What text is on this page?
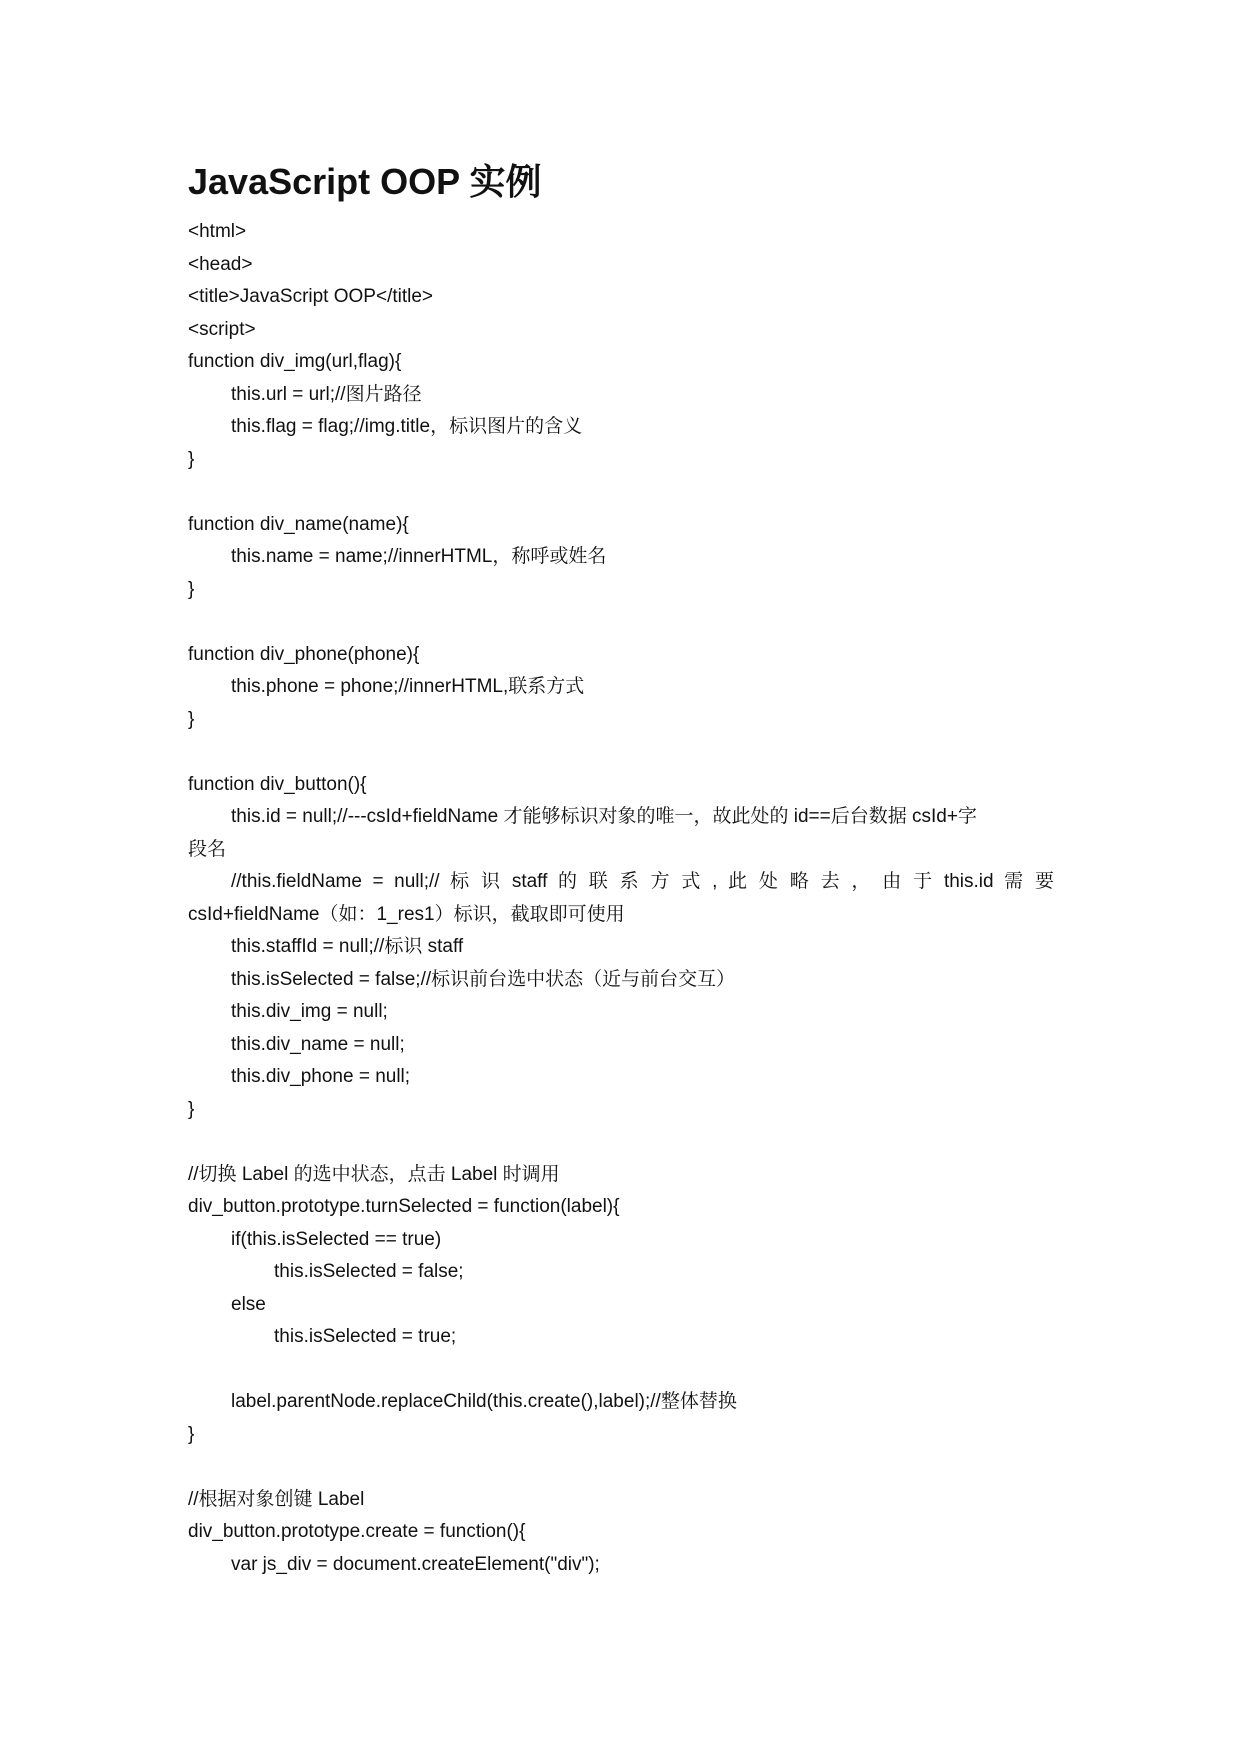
JavaScript OOP 实例
<html>
<head>
<title>JavaScript OOP</title>
<script>
function div_img(url,flag){
this.url = url;//图片路径
this.flag = flag;//img.title，标识图片的含义
}

function div_name(name){
this.name = name;//innerHTML，称呼或姓名
}

function div_phone(phone){
this.phone = phone;//innerHTML,联系方式
}

function div_button(){
this.id = null;//---csId+fieldName 才能够标识对象的唯一，故此处的 id==后台数据 csId+字
段名
//this.fieldName = null;// 标 识 staff 的 联 系 方 式 , 此 处 略 去 ， 由 于 this.id 需 要
csId+fieldName（如：1_res1）标识，截取即可使用
this.staffId = null;//标识 staff
this.isSelected = false;//标识前台选中状态（近与前台交互）
this.div_img = null;
this.div_name = null;
this.div_phone = null;
}

//切换 Label 的选中状态，点击 Label 时调用
div_button.prototype.turnSelected = function(label){
if(this.isSelected == true)
this.isSelected = false;
else
this.isSelected = true;

label.parentNode.replaceChild(this.create(),label);//整体替换
}

//根据对象创键 Label
div_button.prototype.create = function(){
var js_div = document.createElement("div");
